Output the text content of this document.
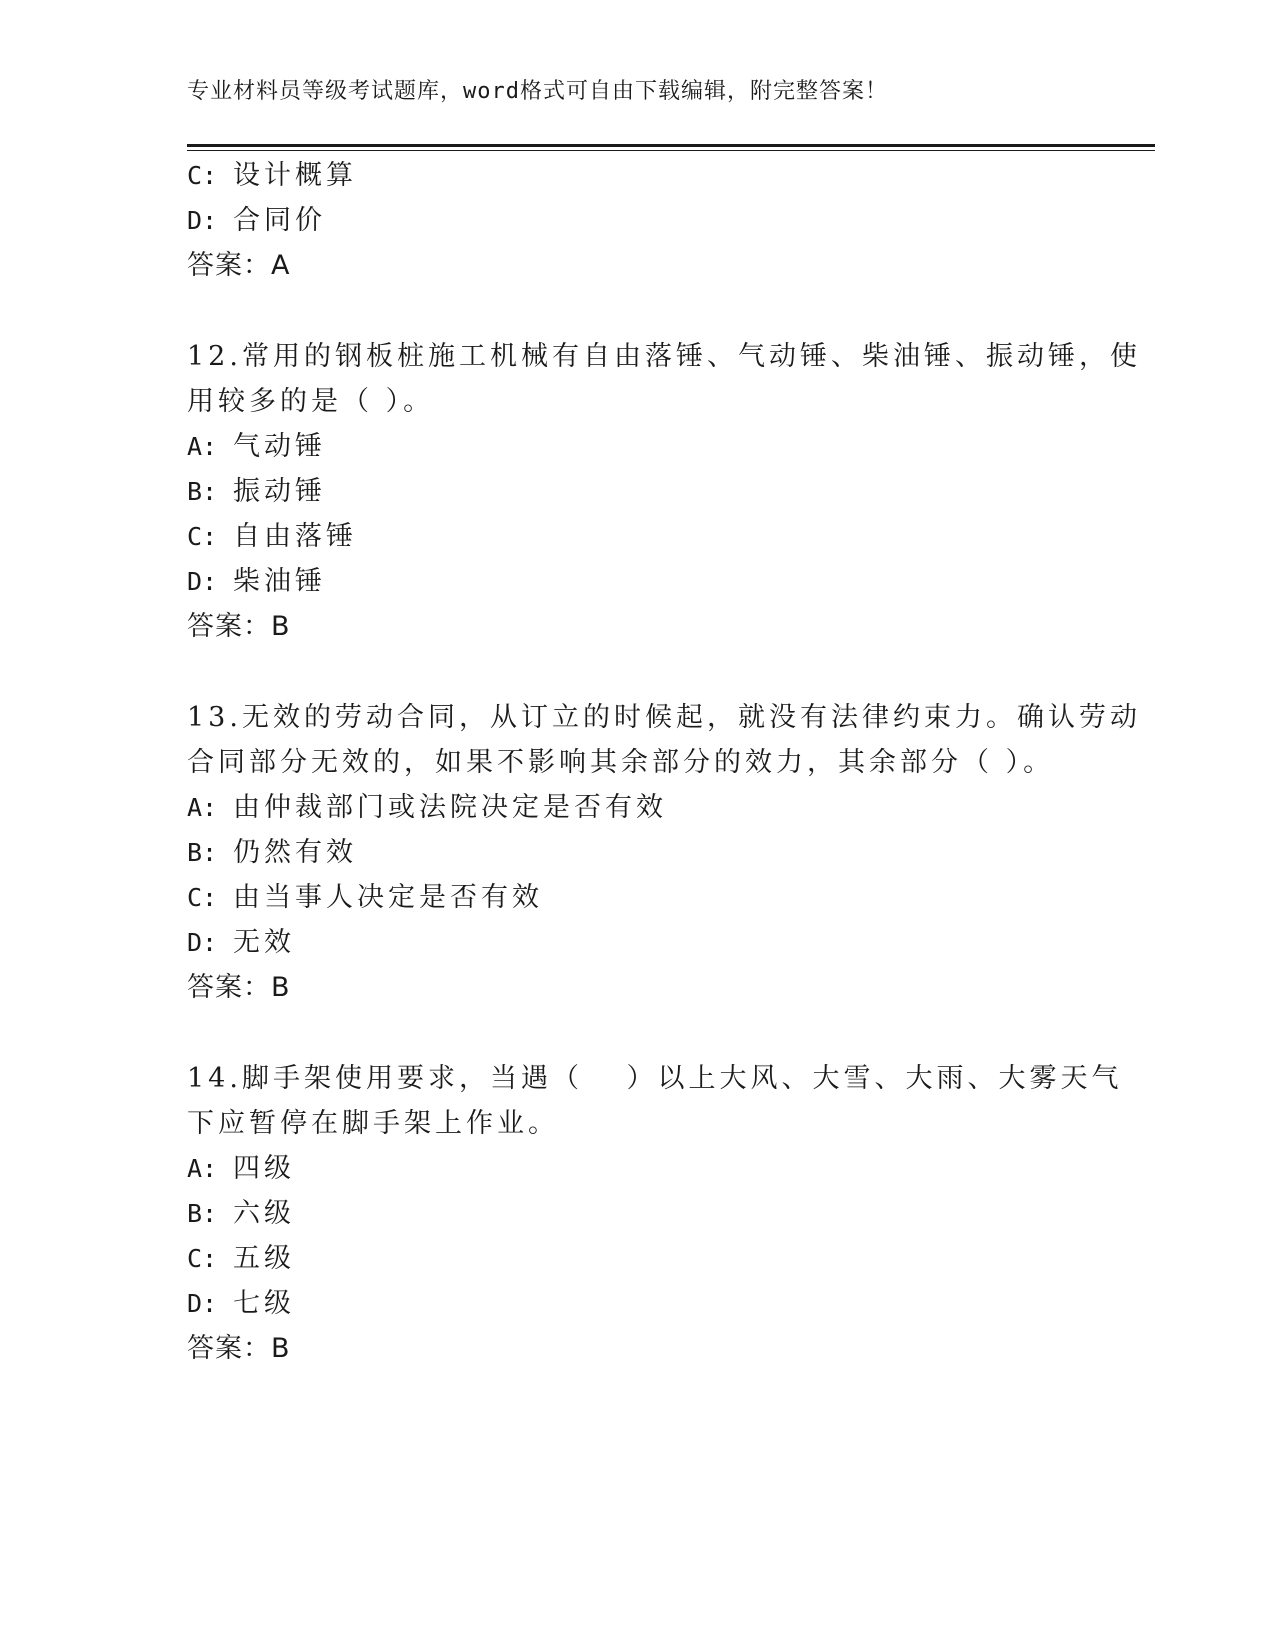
专业材料员等级考试题库，word格式可自由下载编辑，附完整答案！
C: 设计概算
D: 合同价
答案：A
12.常用的钢板桩施工机械有自由落锤、气动锤、柴油锤、振动锤，使
用较多的是（ ）。
A: 气动锤
B: 振动锤
C: 自由落锤
D: 柴油锤
答案：B
13.无效的劳动合同，从订立的时候起，就没有法律约束力。确认劳动
合同部分无效的，如果不影响其余部分的效力，其余部分（ ）。
A: 由仲裁部门或法院决定是否有效
B: 仍然有效
C: 由当事人决定是否有效
D: 无效
答案：B
14.脚手架使用要求，当遇（　 ）以上大风、大雪、大雨、大雾天气
下应暂停在脚手架上作业。
A: 四级
B: 六级
C: 五级
D: 七级
答案：B
